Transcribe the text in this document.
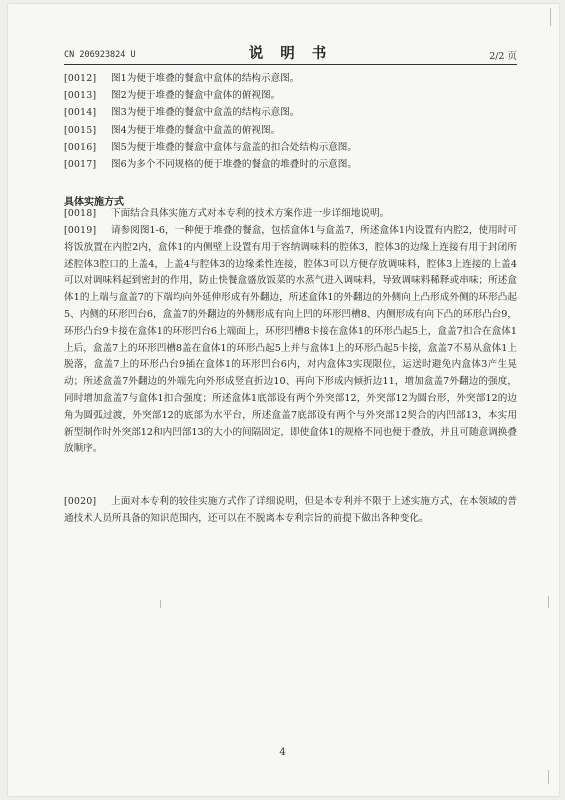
CN 206923824 U	说 明 书	2/2 页
[0012] 图1为便于堆叠的餐盒中盒体的结构示意图。
[0013] 图2为便于堆叠的餐盒中盒体的俯视图。
[0014] 图3为便于堆叠的餐盒中盒盖的结构示意图。
[0015] 图4为便于堆叠的餐盒中盒盖的俯视图。
[0016] 图5为便于堆叠的餐盒中盒体与盒盖的扣合处结构示意图。
[0017] 图6为多个不同规格的便于堆叠的餐盒的堆叠时的示意图。
具体实施方式
[0018] 下面结合具体实施方式对本专利的技术方案作进一步详细地说明。
[0019] 请参阅图1-6，一种便于堆叠的餐盒，包括盒体1与盒盖7，所述盒体1内设置有内腔2，使用时可将饭放置在内腔2内，盒体1的内侧壁上设置有用于容纳调味料的腔体3，腔体3的边缘上连接有用于封闭所述腔体3腔口的上盖4，上盖4与腔体3的边缘柔性连接，腔体3可以方便存放调味料，腔体3上连接的上盖4可以对调味料起到密封的作用，防止快餐盒盛放饭菜的水蒸气进入调味料，导致调味料稀释或串味；所述盒体1的上端与盒盖7的下端均向外延伸形成有外翻边，所述盒体1的外翻边的外侧向上凸形成外侧的环形凸起5、内侧的环形凹台6，盒盖7的外翻边的外侧形成有向上凹的环形凹槽8、内侧形成有向下凸的环形凸台9，环形凸台9卡接在盒体1的环形凹台6上端面上，环形凹槽8卡接在盒体1的环形凸起5上，盒盖7扣合在盒体1上后，盒盖7上的环形凹槽8盖在盒体1的环形凸起5上并与盒体1上的环形凸起5卡接，盒盖7不易从盒体1上脱落，盒盖7上的环形凸台9插在盒体1的环形凹台6内，对内盒体3实现限位，运送时避免内盒体3产生晃动；所述盒盖7外翻边的外端先向外形成竖直折边10、再向下形成内倾折边11，增加盒盖7外翻边的强度，同时增加盒盖7与盒体1扣合强度；所述盒体1底部设有两个外突部12，外突部12为圆台形，外突部12的边角为圆弧过渡，外突部12的底部为水平台，所述盒盖7底部设有两个与外突部12契合的内凹部13，本实用新型制作时外突部12和内凹部13的大小的间隔固定，即使盒体1的规格不同也便于叠放，并且可随意调换叠放顺序。
[0020] 上面对本专利的较佳实施方式作了详细说明，但是本专利并不限于上述实施方式，在本领域的普通技术人员所具备的知识范围内，还可以在不脱离本专利宗旨的前提下做出各种变化。
4
